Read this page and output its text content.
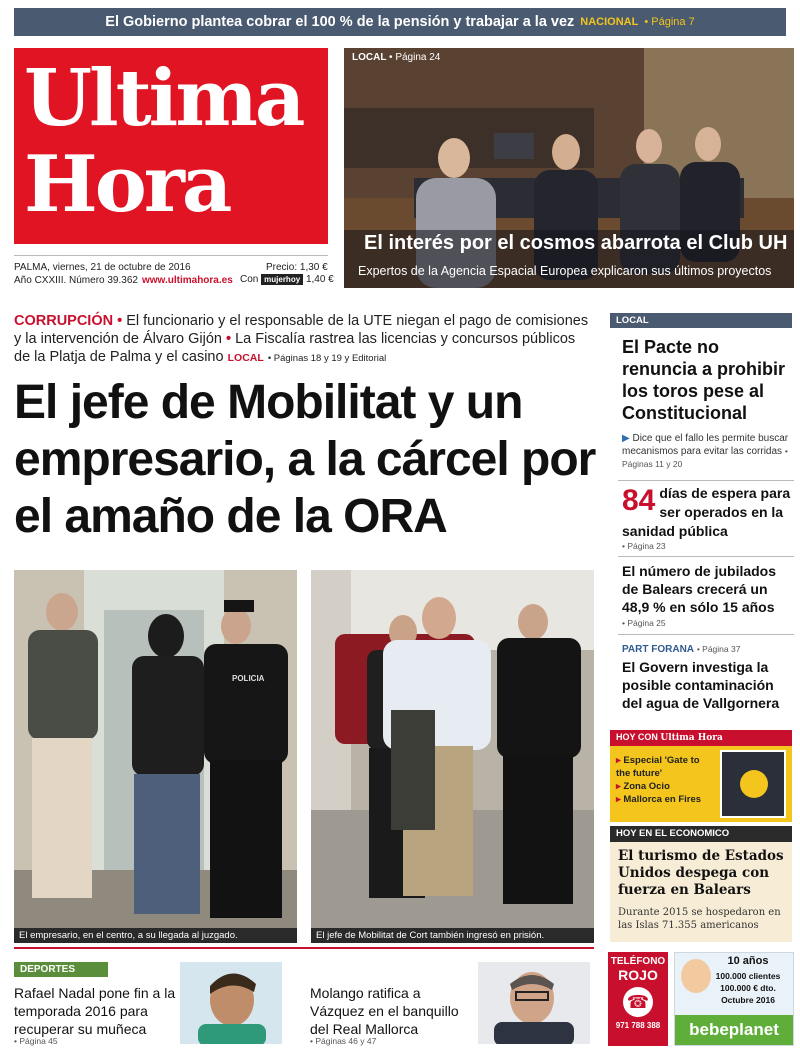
El Gobierno plantea cobrar el 100 % de la pensión y trabajar a la vez NACIONAL • Página 7
Ultima
Hora
PALMA, viernes, 21 de octubre de 2016
Año CXXIII. Número 39.362
Precio: 1,30 €
www.ultimahora.es Con mujerhoy 1,40 €
LOCAL • Página 24
El interés por el cosmos abarrota el Club UH
Expertos de la Agencia Espacial Europea explicaron sus últimos proyectos
CORRUPCIÓN • El funcionario y el responsable de la UTE niegan el pago de comisiones y la intervención de Álvaro Gijón • La Fiscalía rastrea las licencias y concursos públicos de la Platja de Palma y el casino LOCAL • Páginas 18 y 19 y Editorial
El jefe de Mobilitat y un empresario, a la cárcel por el amaño de la ORA
POLICIA
El empresario, en el centro, a su llegada al juzgado.	El jefe de Mobilitat de Cort también ingresó en prisión.
LOCAL
El Pacte no renuncia a prohibir los toros pese al Constitucional
▶ Dice que el fallo les permite buscar mecanismos para evitar las corridas • Páginas 11 y 20
84 días de espera para ser operados en la sanidad pública
• Página 23
El número de jubilados de Balears crecerá un 48,9 % en sólo 15 años
• Página 25
PART FORANA • Página 37
El Govern investiga la posible contaminación del agua de Vallgornera
HOY CON Ultima Hora
▸ Especial 'Gate to the future'
▸ Zona Ocio
▸ Mallorca en Fires
HOY EN EL ECONOMICO
El turismo de Estados Unidos despega con fuerza en Balears
Durante 2015 se hospedaron en las Islas 71.355 americanos
DEPORTES
Rafael Nadal pone fin a la temporada 2016 para recuperar su muñeca
• Página 45
Molango ratifica a Vázquez en el banquillo del Real Mallorca
• Páginas 46 y 47
TELÉFONO
ROJO
☎
971 788 388
10 años
100.000 clientes
100.000 € dto.
Octubre 2016
bebeplanet
